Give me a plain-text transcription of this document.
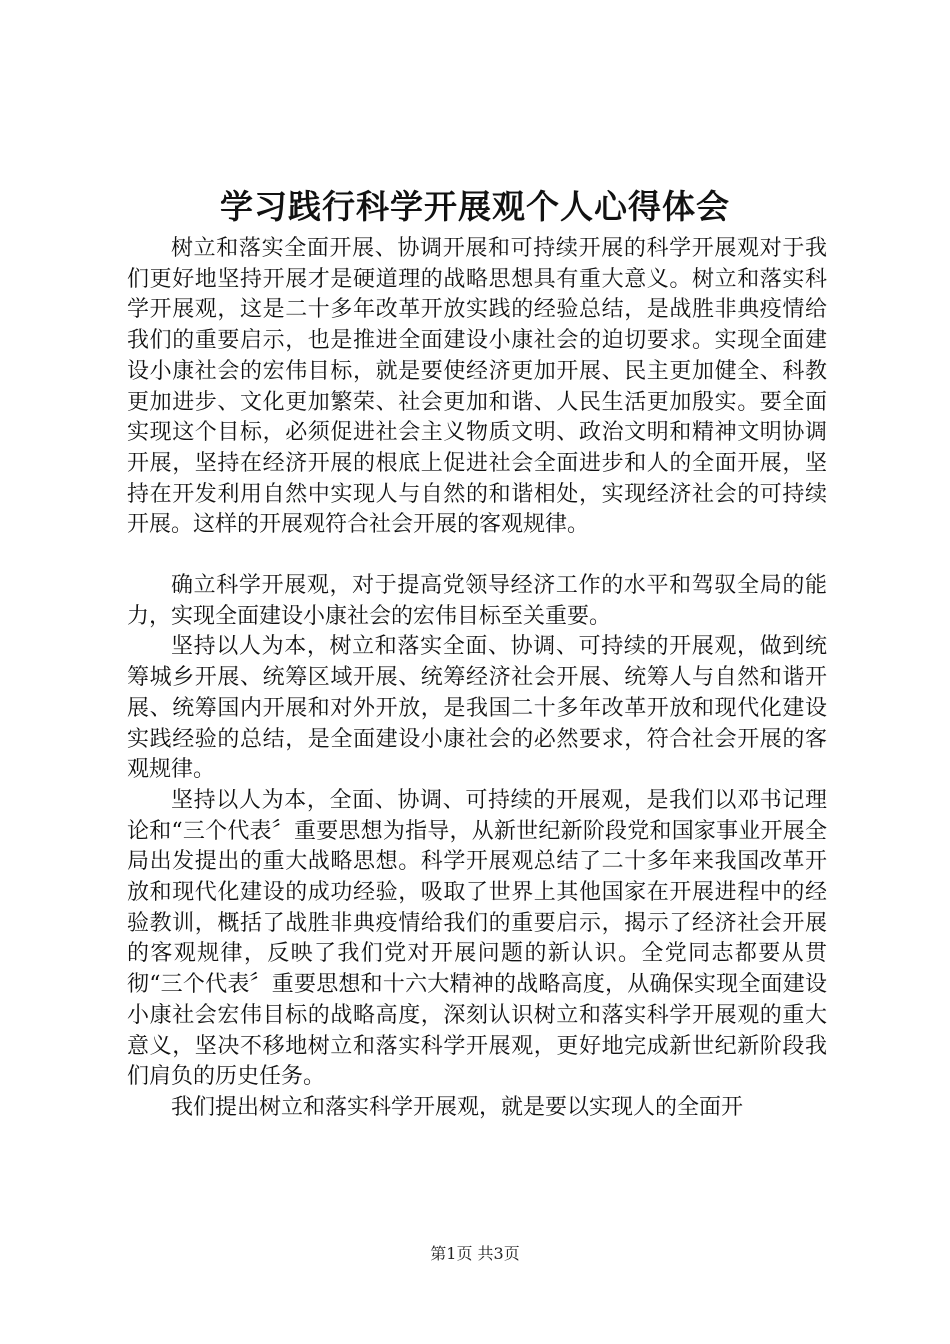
学习践行科学开展观个人心得体会

树立和落实全面开展、协调开展和可持续开展的科学开展观对于我们更好地坚持开展才是硬道理的战略思想具有重大意义。树立和落实科学开展观，这是二十多年改革开放实践的经验总结，是战胜非典疫情给我们的重要启示，也是推进全面建设小康社会的迫切要求。实现全面建设小康社会的宏伟目标，就是要使经济更加开展、民主更加健全、科教更加进步、文化更加繁荣、社会更加和谐、人民生活更加殷实。要全面实现这个目标，必须促进社会主义物质文明、政治文明和精神文明协调开展，坚持在经济开展的根底上促进社会全面进步和人的全面开展，坚持在开发利用自然中实现人与自然的和谐相处，实现经济社会的可持续开展。这样的开展观符合社会开展的客观规律。

确立科学开展观，对于提高党领导经济工作的水平和驾驭全局的能力，实现全面建设小康社会的宏伟目标至关重要。

坚持以人为本，树立和落实全面、协调、可持续的开展观，做到统筹城乡开展、统筹区域开展、统筹经济社会开展、统筹人与自然和谐开展、统筹国内开展和对外开放，是我国二十多年改革开放和现代化建设实践经验的总结，是全面建设小康社会的必然要求，符合社会开展的客观规律。

坚持以人为本，全面、协调、可持续的开展观，是我们以邓书记理论和“三个代表〞重要思想为指导，从新世纪新阶段党和国家事业开展全局出发提出的重大战略思想。科学开展观总结了二十多年来我国改革开放和现代化建设的成功经验，吸取了世界上其他国家在开展进程中的经验教训，概括了战胜非典疫情给我们的重要启示，揭示了经济社会开展的客观规律，反映了我们党对开展问题的新认识。全党同志都要从贯彻“三个代表〞重要思想和十六大精神的战略高度，从确保实现全面建设小康社会宏伟目标的战略高度，深刻认识树立和落实科学开展观的重大意义，坚决不移地树立和落实科学开展观，更好地完成新世纪新阶段我们肩负的历史任务。

我们提出树立和落实科学开展观，就是要以实现人的全面开

第1页 共3页
